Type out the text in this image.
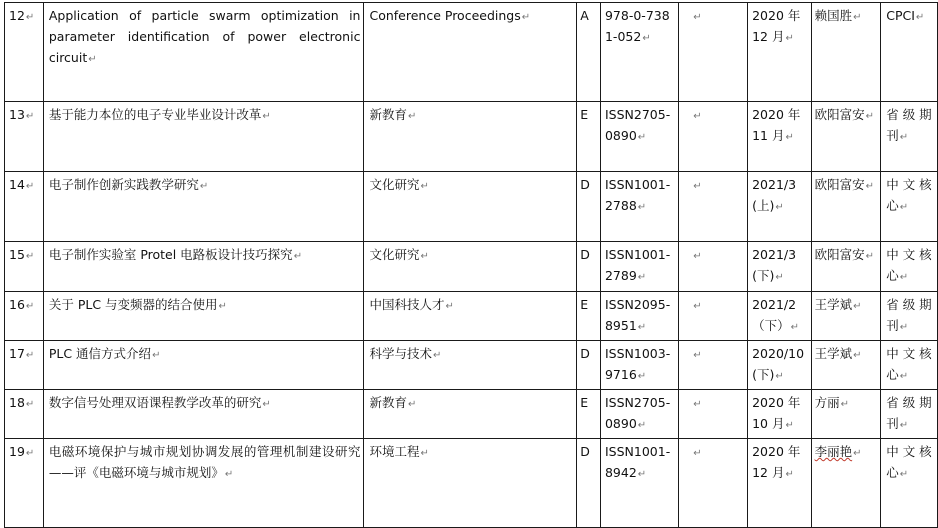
12↵	Application of particle swarm optimization in parameter identification of power electronic circuit↵	Conference Proceedings↵	A	978-0-7381-052↵	↵	2020 年 12 月↵	赖国胜↵	CPCI↵
13↵	基于能力本位的电子专业毕业设计改革↵	新教育↵	E	ISSN2705-0890↵	↵	2020 年 11 月↵	欧阳富安↵	省 级 期刊↵
14↵	电子制作创新实践教学研究↵	文化研究↵	D	ISSN1001-2788↵	↵	2021/3(上)↵	欧阳富安↵	中 文 核心↵
15↵	电子制作实验室 Protel 电路板设计技巧探究↵	文化研究↵	D	ISSN1001-2789↵	↵	2021/3(下)↵	欧阳富安↵	中 文 核心↵
16↵	关于 PLC 与变频器的结合使用↵	中国科技人才↵	E	ISSN2095-8951↵	↵	2021/2（下）↵	王学斌↵	省 级 期刊↵
17↵	PLC 通信方式介绍↵	科学与技术↵	D	ISSN1003-9716↵	↵	2020/10(下)↵	王学斌↵	中 文 核心↵
18↵	数字信号处理双语课程教学改革的研究↵	新教育↵	E	ISSN2705-0890↵	↵	2020 年 10 月↵	方丽↵	省 级 期刊↵
19↵	电磁环境保护与城市规划协调发展的管理机制建设研究——评《电磁环境与城市规划》↵	环境工程↵	D	ISSN1001-8942↵	↵	2020 年 12 月↵	李丽艳↵	中 文 核心↵
